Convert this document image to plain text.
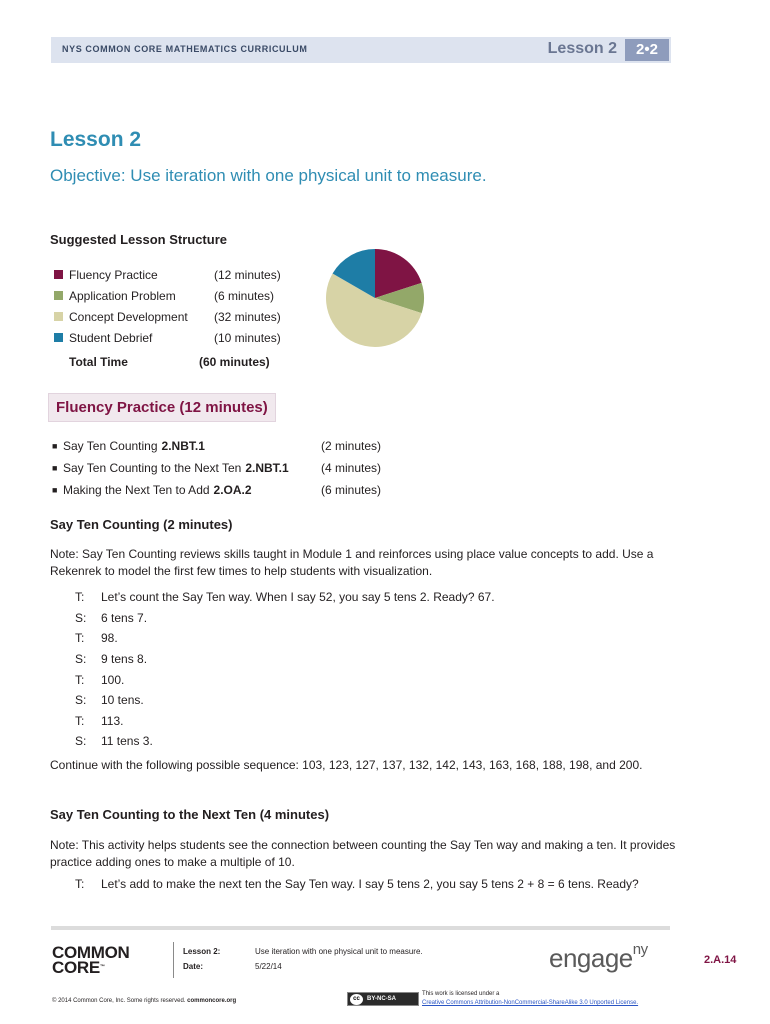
NYS COMMON CORE MATHEMATICS CURRICULUM	Lesson 2	2•2
Lesson 2
Objective: Use iteration with one physical unit to measure.
Suggested Lesson Structure
Fluency Practice	(12 minutes)
Application Problem	(6 minutes)
Concept Development	(32 minutes)
Student Debrief	(10 minutes)
Total Time	(60 minutes)
Fluency Practice (12 minutes)
■ Say Ten Counting 2.NBT.1	(2 minutes)
■ Say Ten Counting to the Next Ten 2.NBT.1	(4 minutes)
■ Making the Next Ten to Add 2.OA.2	(6 minutes)
Say Ten Counting (2 minutes)
Note: Say Ten Counting reviews skills taught in Module 1 and reinforces using place value concepts to add. Use a Rekenrek to model the first few times to help students with visualization.
T:	Let’s count the Say Ten way. When I say 52, you say 5 tens 2. Ready? 67.
S:	6 tens 7.
T:	98.
S:	9 tens 8.
T:	100.
S:	10 tens.
T:	113.
S:	11 tens 3.
Continue with the following possible sequence: 103, 123, 127, 137, 132, 142, 143, 163, 168, 188, 198, and 200.
Say Ten Counting to the Next Ten (4 minutes)
Note: This activity helps students see the connection between counting the Say Ten way and making a ten. It provides practice adding ones to make a multiple of 10.
T:	Let’s add to make the next ten the Say Ten way. I say 5 tens 2, you say 5 tens 2 + 8 = 6 tens. Ready?
COMMON
CORE™
Lesson 2:	Use iteration with one physical unit to measure.
Date:	5/22/14	engage$^{ny}$
2.A.14
© 2014 Common Core, Inc. Some rights reserved. commoncore.org	cc	BY-NC-SA
This work is licensed under a
Creative Commons Attribution-NonCommercial-ShareAlike 3.0 Unported License.
